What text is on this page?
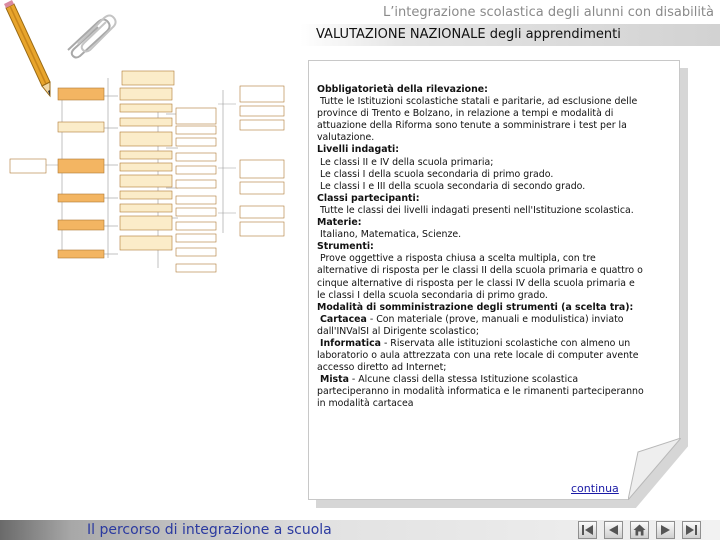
L’integrazione scolastica degli alunni con disabilità
VALUTAZIONE NAZIONALE degli apprendimenti

Obbligatorietà della rilevazione:

Tutte le Istituzioni scolastiche statali e paritarie, ad esclusione delle province di Trento e Bolzano, in relazione a tempi e modalità di attuazione della Riforma sono tenute a somministrare i test per la valutazione.

Livelli indagati:

Le classi II e IV della scuola primaria;

Le classi I della scuola secondaria di primo grado.

Le classi I e III della scuola secondaria di secondo grado.

Classi partecipanti:

Tutte le classi dei livelli indagati presenti nell'Istituzione scolastica.

Materie:

Italiano, Matematica, Scienze.

Strumenti:

Prove oggettive a risposta chiusa a scelta multipla, con tre alternative di risposta per le classi II della scuola primaria e quattro o cinque alternative di risposta per le classi IV della scuola primaria e le classi I della scuola secondaria di primo grado.

Modalità di somministrazione degli strumenti (a scelta tra):

Cartacea - Con materiale (prove, manuali e modulistica) inviato dall'INValSI al Dirigente scolastico;

Informatica - Riservata alle istituzioni scolastiche con almeno un laboratorio o aula attrezzata con una rete locale di computer avente accesso diretto ad Internet;

Mista - Alcune classi della stessa Istituzione scolastica parteciperanno in modalità informatica e le rimanenti parteciperanno in modalità cartacea

continua
Il percorso di integrazione a scuola
